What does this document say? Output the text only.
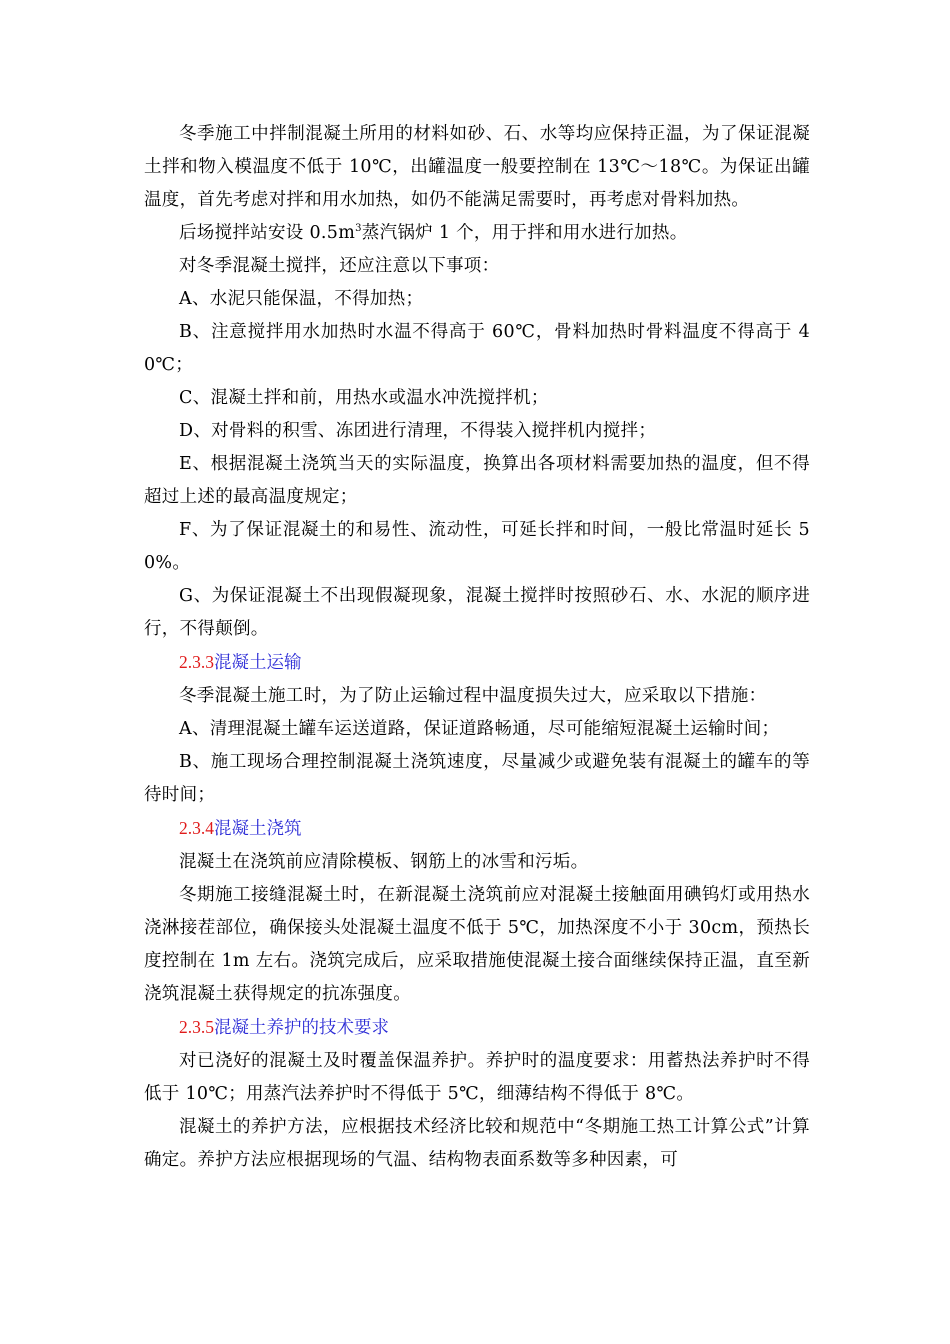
冬季施工中拌制混凝土所用的材料如砂、石、水等均应保持正温，为了保证混凝土拌和物入模温度不低于 10℃，出罐温度一般要控制在 13℃～18℃。为保证出罐温度，首先考虑对拌和用水加热，如仍不能满足需要时，再考虑对骨料加热。

后场搅拌站安设 $0.5m^3$蒸汽锅炉 1 个，用于拌和用水进行加热。

对冬季混凝土搅拌，还应注意以下事项：

A、水泥只能保温，不得加热；

B、注意搅拌用水加热时水温不得高于 60℃，骨料加热时骨料温度不得高于 40℃；

C、混凝土拌和前，用热水或温水冲洗搅拌机；

D、对骨料的积雪、冻团进行清理，不得装入搅拌机内搅拌；

E、根据混凝土浇筑当天的实际温度，换算出各项材料需要加热的温度，但不得超过上述的最高温度规定；

F、为了保证混凝土的和易性、流动性，可延长拌和时间，一般比常温时延长 50%。

G、为保证混凝土不出现假凝现象，混凝土搅拌时按照砂石、水、水泥的顺序进行，不得颠倒。

2.3.3混凝土运输

冬季混凝土施工时，为了防止运输过程中温度损失过大，应采取以下措施：

A、清理混凝土罐车运送道路，保证道路畅通，尽可能缩短混凝土运输时间；

B、施工现场合理控制混凝土浇筑速度，尽量减少或避免装有混凝土的罐车的等待时间；

2.3.4混凝土浇筑

混凝土在浇筑前应清除模板、钢筋上的冰雪和污垢。

冬期施工接缝混凝土时，在新混凝土浇筑前应对混凝土接触面用碘钨灯或用热水浇淋接茬部位，确保接头处混凝土温度不低于 5℃，加热深度不小于 30cm，预热长度控制在 1m 左右。浇筑完成后，应采取措施使混凝土接合面继续保持正温，直至新浇筑混凝土获得规定的抗冻强度。

2.3.5混凝土养护的技术要求

对已浇好的混凝土及时覆盖保温养护。养护时的温度要求：用蓄热法养护时不得低于 10℃；用蒸汽法养护时不得低于 5℃，细薄结构不得低于 8℃。

混凝土的养护方法，应根据技术经济比较和规范中“冬期施工热工计算公式”计算确定。养护方法应根据现场的气温、结构物表面系数等多种因素，可
